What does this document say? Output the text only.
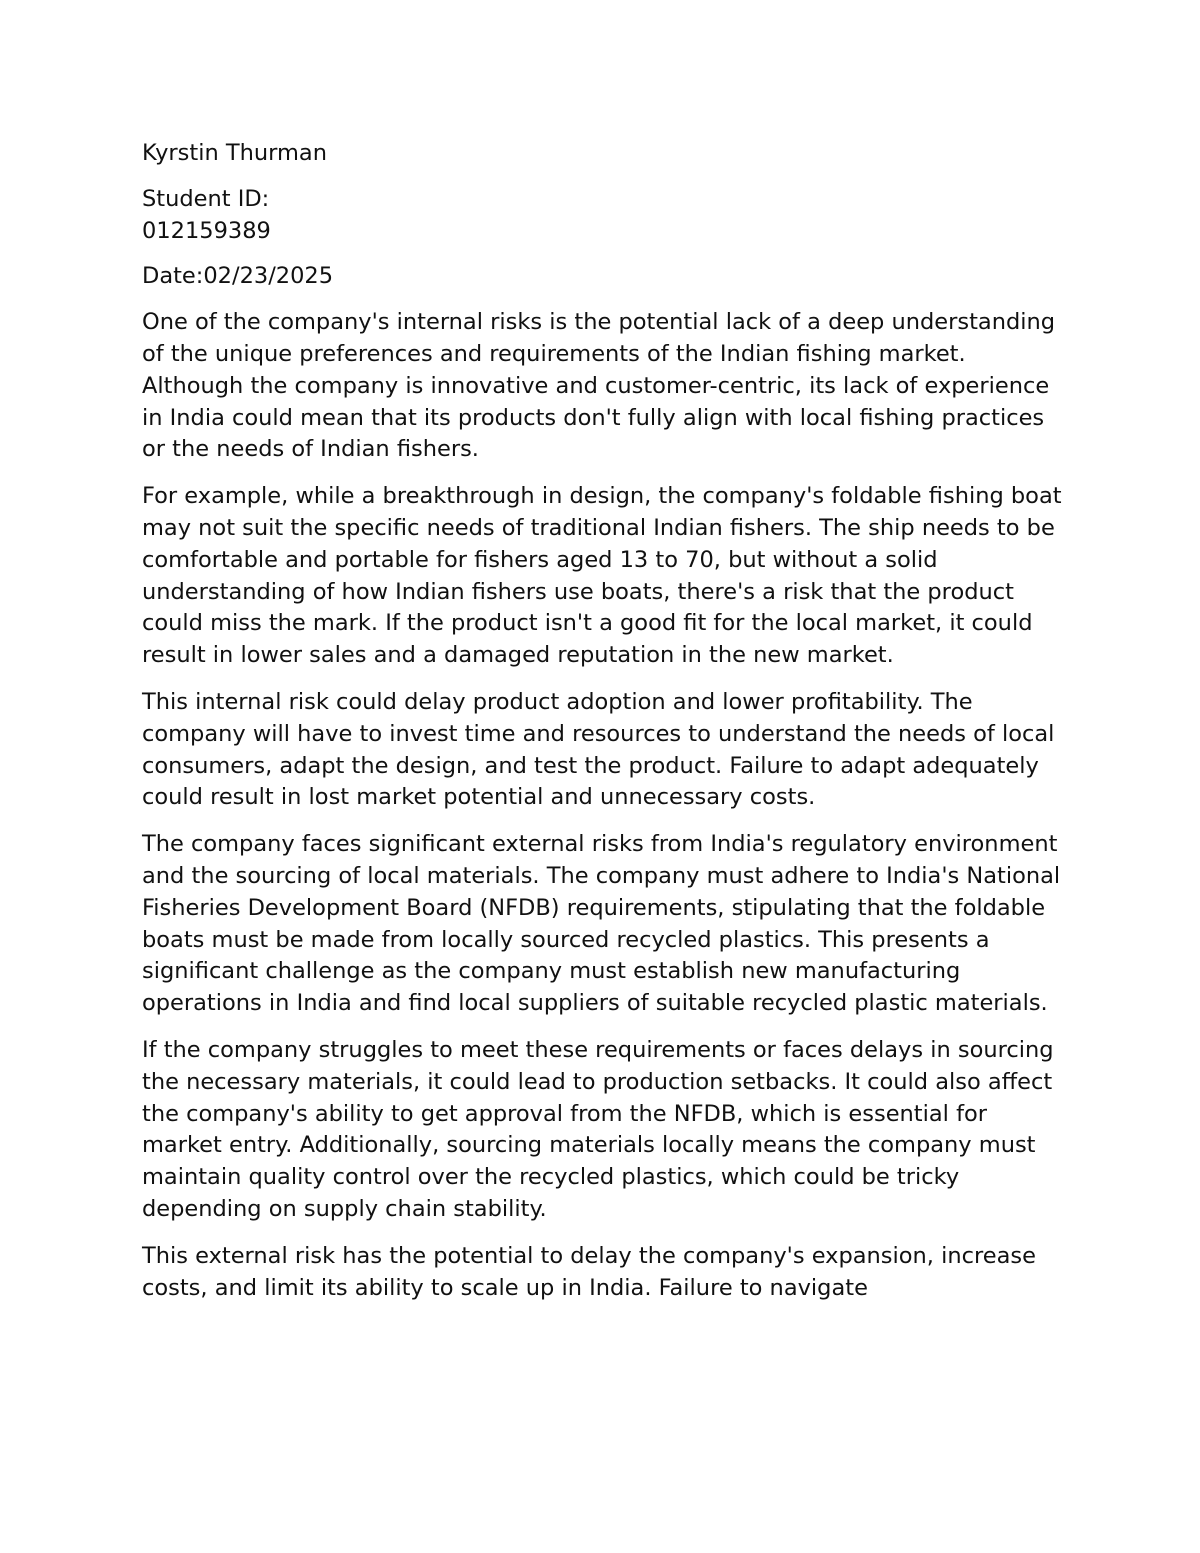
Kyrstin Thurman

Student ID:

012159389

Date:02/23/2025

One of the company's internal risks is the potential lack of a deep understanding of the unique preferences and requirements of the Indian fishing market. Although the company is innovative and customer-centric, its lack of experience in India could mean that its products don't fully align with local fishing practices or the needs of Indian fishers.

For example, while a breakthrough in design, the company's foldable fishing boat may not suit the specific needs of traditional Indian fishers. The ship needs to be comfortable and portable for fishers aged 13 to 70, but without a solid understanding of how Indian fishers use boats, there's a risk that the product could miss the mark. If the product isn't a good fit for the local market, it could result in lower sales and a damaged reputation in the new market.

This internal risk could delay product adoption and lower profitability. The company will have to invest time and resources to understand the needs of local consumers, adapt the design, and test the product. Failure to adapt adequately could result in lost market potential and unnecessary costs.

The company faces significant external risks from India's regulatory environment and the sourcing of local materials. The company must adhere to India's National Fisheries Development Board (NFDB) requirements, stipulating that the foldable boats must be made from locally sourced recycled plastics. This presents a significant challenge as the company must establish new manufacturing operations in India and find local suppliers of suitable recycled plastic materials.

If the company struggles to meet these requirements or faces delays in sourcing the necessary materials, it could lead to production setbacks. It could also affect the company's ability to get approval from the NFDB, which is essential for market entry. Additionally, sourcing materials locally means the company must maintain quality control over the recycled plastics, which could be tricky depending on supply chain stability.

This external risk has the potential to delay the company's expansion, increase costs, and limit its ability to scale up in India. Failure to navigate
